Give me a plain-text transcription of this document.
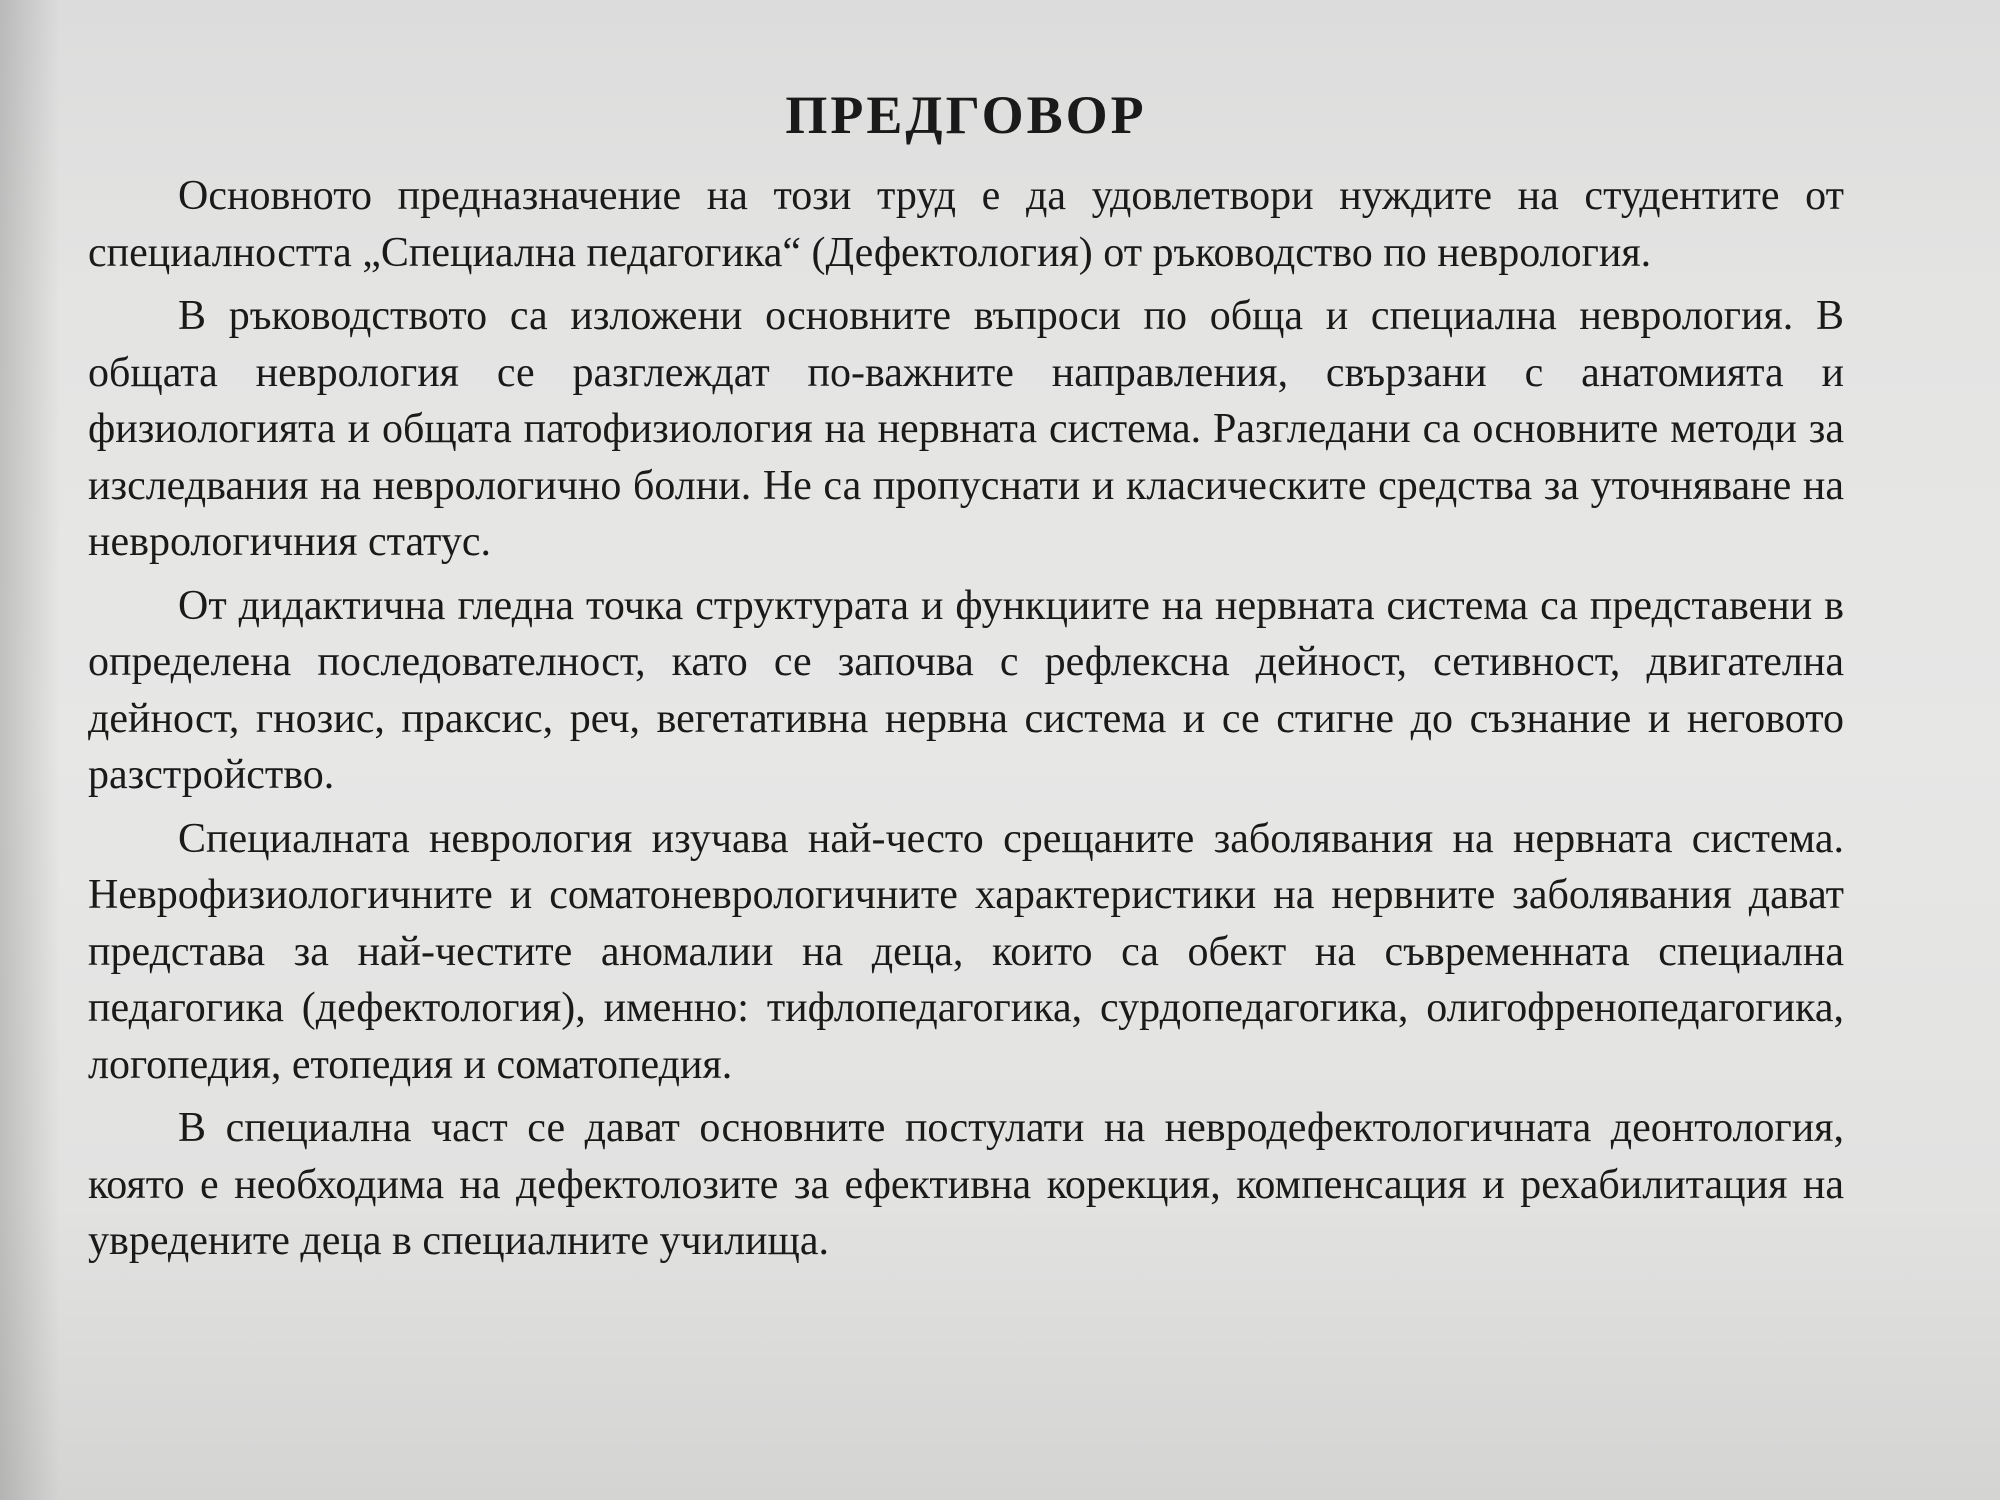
ПРЕДГОВОР

Основното предназначение на този труд е да удовлетвори нуждите на студентите от специалността „Специална педагогика“ (Дефектология) от ръководство по неврология.

В ръководството са изложени основните въпроси по обща и специална неврология. В общата неврология се разглеждат по-важните направления, свързани с анатомията и физиологията и общата патофизиология на нервната система. Разгледани са основните методи за изследвания на неврологично болни. Не са пропуснати и класическите средства за уточняване на неврологичния статус.

От дидактична гледна точка структурата и функциите на нервната система са представени в определена последователност, като се започва с рефлексна дейност, сетивност, двигателна дейност, гнозис, праксис, реч, вегетативна нервна система и се стигне до съзнание и неговото разстройство.

Специалната неврология изучава най-често срещаните заболявания на нервната система. Неврофизиологичните и соматоневрологичните характеристики на нервните заболявания дават представа за най-честите аномалии на деца, които са обект на съвременната специална педагогика (дефектология), именно: тифлопедагогика, сурдопедагогика, олигофренопедагогика, логопедия, етопедия и соматопедия.

В специална част се дават основните постулати на невродефектологичната деонтология, която е необходима на дефектолозите за ефективна корекция, компенсация и рехабилитация на увредените деца в специалните училища.
